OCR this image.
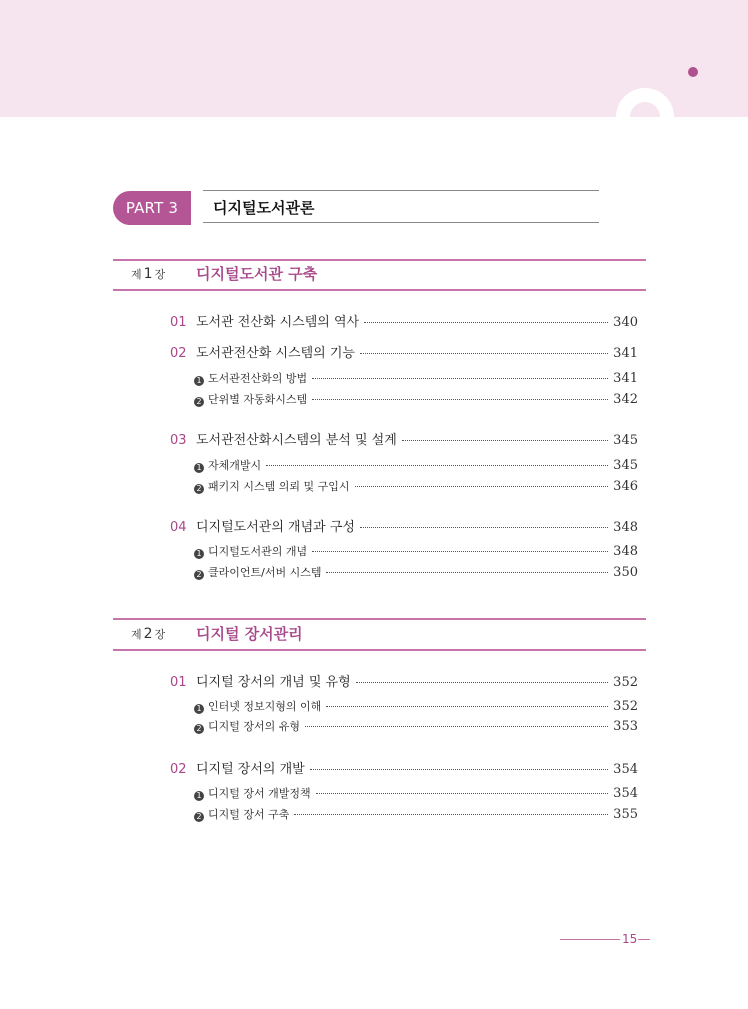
PART 3	디지털도서관론
제 1 장 디지털도서관 구축
01 도서관 전산화 시스템의 역사	340
02 도서관전산화 시스템의 기능	341
1 도서관전산화의 방법	341
2 단위별 자동화시스템	342
03 도서관전산화시스템의 분석 및 설계	345
1 자체개발시	345
2 패키지 시스템 의뢰 및 구입시	346
04 디지털도서관의 개념과 구성	348
1 디지털도서관의 개념	348
2 클라이언트/서버 시스템	350
제 2 장 디지털 장서관리
01 디지털 장서의 개념 및 유형	352
1 인터넷 정보지형의 이해	352
2 디지털 장서의 유형	353
02 디지털 장서의 개발	354
1 디지털 장서 개발정책	354
2 디지털 장서 구축	355
15
